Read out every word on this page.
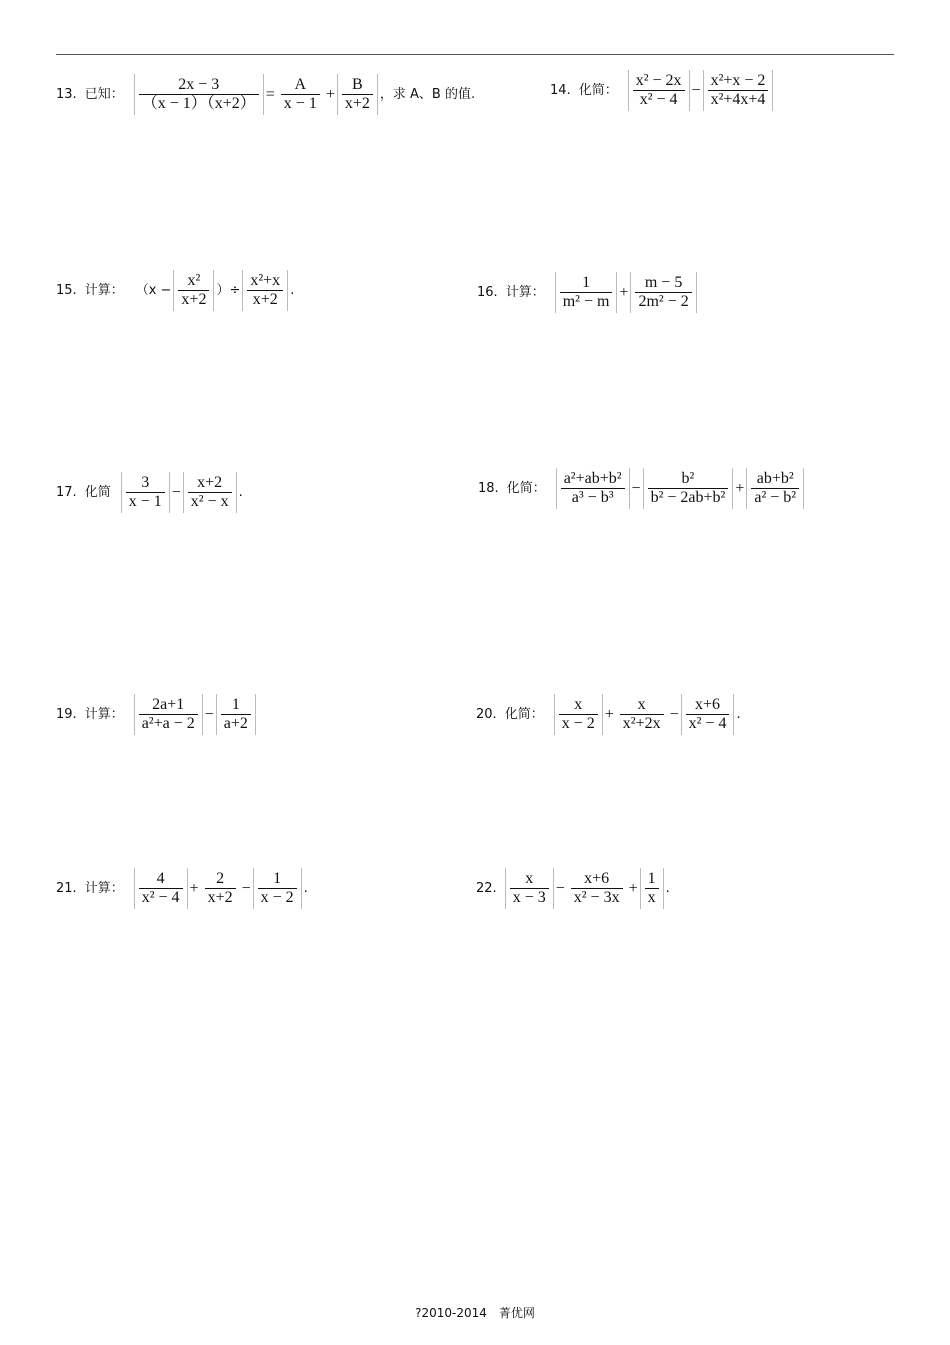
13. 已知： $\frac{2x - 3}{(x - 1)(x+2)} = \frac{A}{x - 1} + \frac{B}{x+2}$ ，求 A、B 的值.	14. 化简： $\frac{\text{x² − 2x}}{\text{x² − 4}} - \frac{\text{x²+x − 2}}{\text{x²+4x+4}}$
15. 计算： （$x - \frac{\text{x²}}{x+2}$ ）÷ $\frac{\text{x²+x}}{x+2}$ .	16. 计算： $\frac{1}{\text{m² − m}} + \frac{m - 5}{\text{2m² − 2}}$
17. 化简 $\frac{3}{x - 1} - \frac{x+2}{\text{x² − x}}$ .	18. 化简： $\frac{\text{a²+ab+b²}}{\text{a³ − b³}} - \frac{\text{b²}}{\text{b² − 2ab+b²}} + \frac{\text{ab+b²}}{\text{a² − b²}}$
19. 计算： $\frac{2a+1}{\text{a²+a − 2}} - \frac{1}{a+2}$	20. 化简： $\frac{x}{x - 2} + \frac{x}{\text{x²+2x}} - \frac{x+6}{\text{x² − 4}}$ .
21. 计算： $\frac{4}{\text{x² − 4}} + \frac{2}{x+2} - \frac{1}{x - 2}$ .	22. $\frac{x}{x - 3} - \frac{x+6}{\text{x² − 3x}} + \frac{1}{x}$ .
?2010-2014　菁优网
